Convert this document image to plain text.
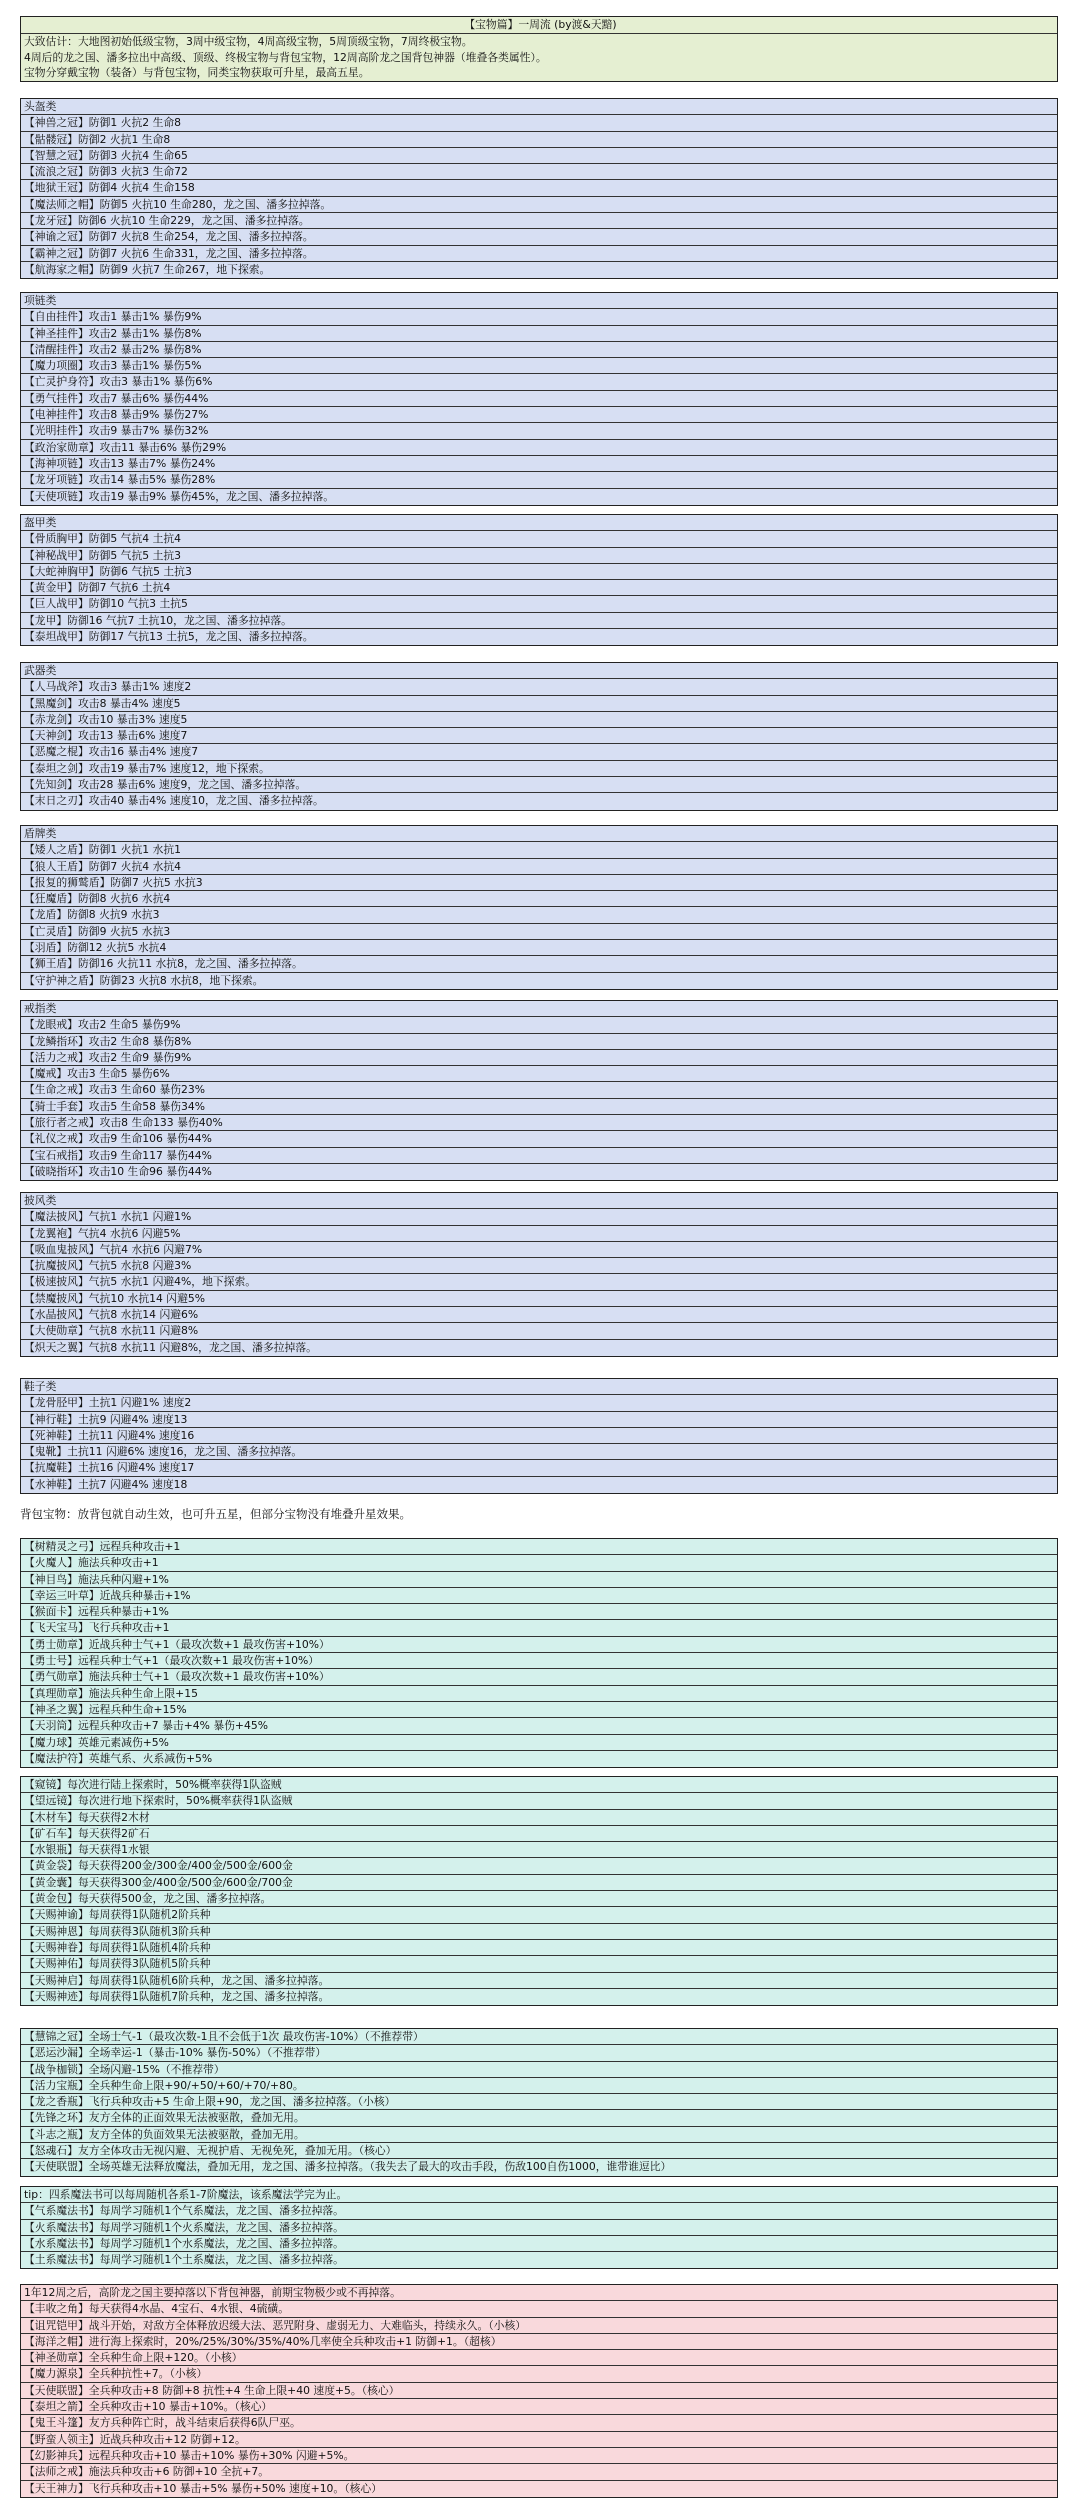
【宝物篇】一周流 (by渡&天黯)
大致估计：大地图初始低级宝物，3周中级宝物，4周高级宝物，5周顶级宝物，7周终极宝物。
4周后的龙之国、潘多拉出中高级、顶级、终极宝物与背包宝物，12周高阶龙之国背包神器（堆叠各类属性）。
宝物分穿戴宝物（装备）与背包宝物，同类宝物获取可升星，最高五星。
背包宝物：放背包就自动生效，也可升五星，但部分宝物没有堆叠升星效果。
头盔类
【神兽之冠】防御1 火抗2 生命8
【骷髅冠】防御2 火抗1 生命8
【智慧之冠】防御3 火抗4 生命65
【流浪之冠】防御3 火抗3 生命72
【地狱王冠】防御4 火抗4 生命158
【魔法师之帽】防御5 火抗10 生命280，龙之国、潘多拉掉落。
【龙牙冠】防御6 火抗10 生命229，龙之国、潘多拉掉落。
【神谕之冠】防御7 火抗8 生命254，龙之国、潘多拉掉落。
【霸神之冠】防御7 火抗6 生命331，龙之国、潘多拉掉落。
【航海家之帽】防御9 火抗7 生命267，地下探索。
项链类
【自由挂件】攻击1 暴击1% 暴伤9%
【神圣挂件】攻击2 暴击1% 暴伤8%
【清醒挂件】攻击2 暴击2% 暴伤8%
【魔力项圈】攻击3 暴击1% 暴伤5%
【亡灵护身符】攻击3 暴击1% 暴伤6%
【勇气挂件】攻击7 暴击6% 暴伤44%
【电神挂件】攻击8 暴击9% 暴伤27%
【光明挂件】攻击9 暴击7% 暴伤32%
【政治家勋章】攻击11 暴击6% 暴伤29%
【海神项链】攻击13 暴击7% 暴伤24%
【龙牙项链】攻击14 暴击5% 暴伤28%
【天使项链】攻击19 暴击9% 暴伤45%，龙之国、潘多拉掉落。
盔甲类
【骨质胸甲】防御5 气抗4 土抗4
【神秘战甲】防御5 气抗5 土抗3
【大蛇神胸甲】防御6 气抗5 土抗3
【黄金甲】防御7 气抗6 土抗4
【巨人战甲】防御10 气抗3 土抗5
【龙甲】防御16 气抗7 土抗10，龙之国、潘多拉掉落。
【泰坦战甲】防御17 气抗13 土抗5，龙之国、潘多拉掉落。
武器类
【人马战斧】攻击3 暴击1% 速度2
【黑魔剑】攻击8 暴击4% 速度5
【赤龙剑】攻击10 暴击3% 速度5
【天神剑】攻击13 暴击6% 速度7
【恶魔之棍】攻击16 暴击4% 速度7
【泰坦之剑】攻击19 暴击7% 速度12，地下探索。
【先知剑】攻击28 暴击6% 速度9，龙之国、潘多拉掉落。
【末日之刃】攻击40 暴击4% 速度10，龙之国、潘多拉掉落。
盾牌类
【矮人之盾】防御1 火抗1 水抗1
【狼人王盾】防御7 火抗4 水抗4
【报复的狮鹫盾】防御7 火抗5 水抗3
【狂魔盾】防御8 火抗6 水抗4
【龙盾】防御8 火抗9 水抗3
【亡灵盾】防御9 火抗5 水抗3
【羽盾】防御12 火抗5 水抗4
【狮王盾】防御16 火抗11 水抗8，龙之国、潘多拉掉落。
【守护神之盾】防御23 火抗8 水抗8，地下探索。
戒指类
【龙眼戒】攻击2 生命5 暴伤9%
【龙鳞指环】攻击2 生命8 暴伤8%
【活力之戒】攻击2 生命9 暴伤9%
【魔戒】攻击3 生命5 暴伤6%
【生命之戒】攻击3 生命60 暴伤23%
【骑士手套】攻击5 生命58 暴伤34%
【旅行者之戒】攻击8 生命133 暴伤40%
【礼仪之戒】攻击9 生命106 暴伤44%
【宝石戒指】攻击9 生命117 暴伤44%
【破晓指环】攻击10 生命96 暴伤44%
披风类
【魔法披风】气抗1 水抗1 闪避1%
【龙翼袍】气抗4 水抗6 闪避5%
【吸血鬼披风】气抗4 水抗6 闪避7%
【抗魔披风】气抗5 水抗8 闪避3%
【极速披风】气抗5 水抗1 闪避4%，地下探索。
【禁魔披风】气抗10 水抗14 闪避5%
【水晶披风】气抗8 水抗14 闪避6%
【大使勋章】气抗8 水抗11 闪避8%
【炽天之翼】气抗8 水抗11 闪避8%，龙之国、潘多拉掉落。
鞋子类
【龙骨胫甲】土抗1 闪避1% 速度2
【神行鞋】土抗9 闪避4% 速度13
【死神鞋】土抗11 闪避4% 速度16
【鬼靴】土抗11 闪避6% 速度16，龙之国、潘多拉掉落。
【抗魔鞋】土抗16 闪避4% 速度17
【水神鞋】土抗7 闪避4% 速度18
【树精灵之弓】远程兵种攻击+1
【火魔人】施法兵种攻击+1
【神目鸟】施法兵种闪避+1%
【幸运三叶草】近战兵种暴击+1%
【猴面卡】远程兵种暴击+1%
【飞天宝马】飞行兵种攻击+1
【勇士勋章】近战兵种士气+1（最攻次数+1 最攻伤害+10%）
【勇士号】远程兵种士气+1（最攻次数+1 最攻伤害+10%）
【勇气勋章】施法兵种士气+1（最攻次数+1 最攻伤害+10%）
【真理勋章】施法兵种生命上限+15
【神圣之翼】远程兵种生命+15%
【天羽筒】远程兵种攻击+7 暴击+4% 暴伤+45%
【魔力球】英雄元素减伤+5%
【魔法护符】英雄气系、火系减伤+5%
【窥镜】每次进行陆上探索时，50%概率获得1队盗贼
【望远镜】每次进行地下探索时，50%概率获得1队盗贼
【木材车】每天获得2木材
【矿石车】每天获得2矿石
【水银瓶】每天获得1水银
【黄金袋】每天获得200金/300金/400金/500金/600金
【黄金囊】每天获得300金/400金/500金/600金/700金
【黄金包】每天获得500金，龙之国、潘多拉掉落。
【天赐神谕】每周获得1队随机2阶兵种
【天赐神恩】每周获得3队随机3阶兵种
【天赐神眷】每周获得1队随机4阶兵种
【天赐神佑】每周获得3队随机5阶兵种
【天赐神启】每周获得1队随机6阶兵种，龙之国、潘多拉掉落。
【天赐神迹】每周获得1队随机7阶兵种，龙之国、潘多拉掉落。
【慧锦之冠】全场士气-1（最攻次数-1且不会低于1次 最攻伤害-10%）（不推荐带）
【恶运沙漏】全场幸运-1（暴击-10% 暴伤-50%）（不推荐带）
【战争枷锁】全场闪避-15%（不推荐带）
【活力宝瓶】全兵种生命上限+90/+50/+60/+70/+80。
【龙之香瓶】飞行兵种攻击+5 生命上限+90，龙之国、潘多拉掉落。（小核）
【先锋之环】友方全体的正面效果无法被驱散，叠加无用。
【斗志之瓶】友方全体的负面效果无法被驱散，叠加无用。
【怒魂石】友方全体攻击无视闪避、无视护盾、无视免死，叠加无用。（核心）
【天使联盟】全场英雄无法释放魔法，叠加无用，龙之国、潘多拉掉落。（我失去了最大的攻击手段，伤敌100自伤1000，谁带谁逗比）
tip：四系魔法书可以每周随机各系1-7阶魔法，该系魔法学完为止。
【气系魔法书】每周学习随机1个气系魔法，龙之国、潘多拉掉落。
【火系魔法书】每周学习随机1个火系魔法，龙之国、潘多拉掉落。
【水系魔法书】每周学习随机1个水系魔法，龙之国、潘多拉掉落。
【土系魔法书】每周学习随机1个土系魔法，龙之国、潘多拉掉落。
1年12周之后，高阶龙之国主要掉落以下背包神器，前期宝物极少或不再掉落。
【丰收之角】每天获得4水晶、4宝石、4水银、4硫磺。
【诅咒铠甲】战斗开始，对敌方全体释放迟缓大法、恶咒附身、虚弱无力、大难临头，持续永久。（小核）
【海洋之帽】进行海上探索时，20%/25%/30%/35%/40%几率使全兵种攻击+1 防御+1。（超核）
【神圣勋章】全兵种生命上限+120。（小核）
【魔力源泉】全兵种抗性+7。（小核）
【天使联盟】全兵种攻击+8 防御+8 抗性+4 生命上限+40 速度+5。（核心）
【泰坦之箭】全兵种攻击+10 暴击+10%。（核心）
【鬼王斗篷】友方兵种阵亡时，战斗结束后获得6队尸巫。
【野蛮人领主】近战兵种攻击+12 防御+12。
【幻影神兵】远程兵种攻击+10 暴击+10% 暴伤+30% 闪避+5%。
【法师之戒】施法兵种攻击+6 防御+10 全抗+7。
【天王神力】飞行兵种攻击+10 暴击+5% 暴伤+50% 速度+10。（核心）
